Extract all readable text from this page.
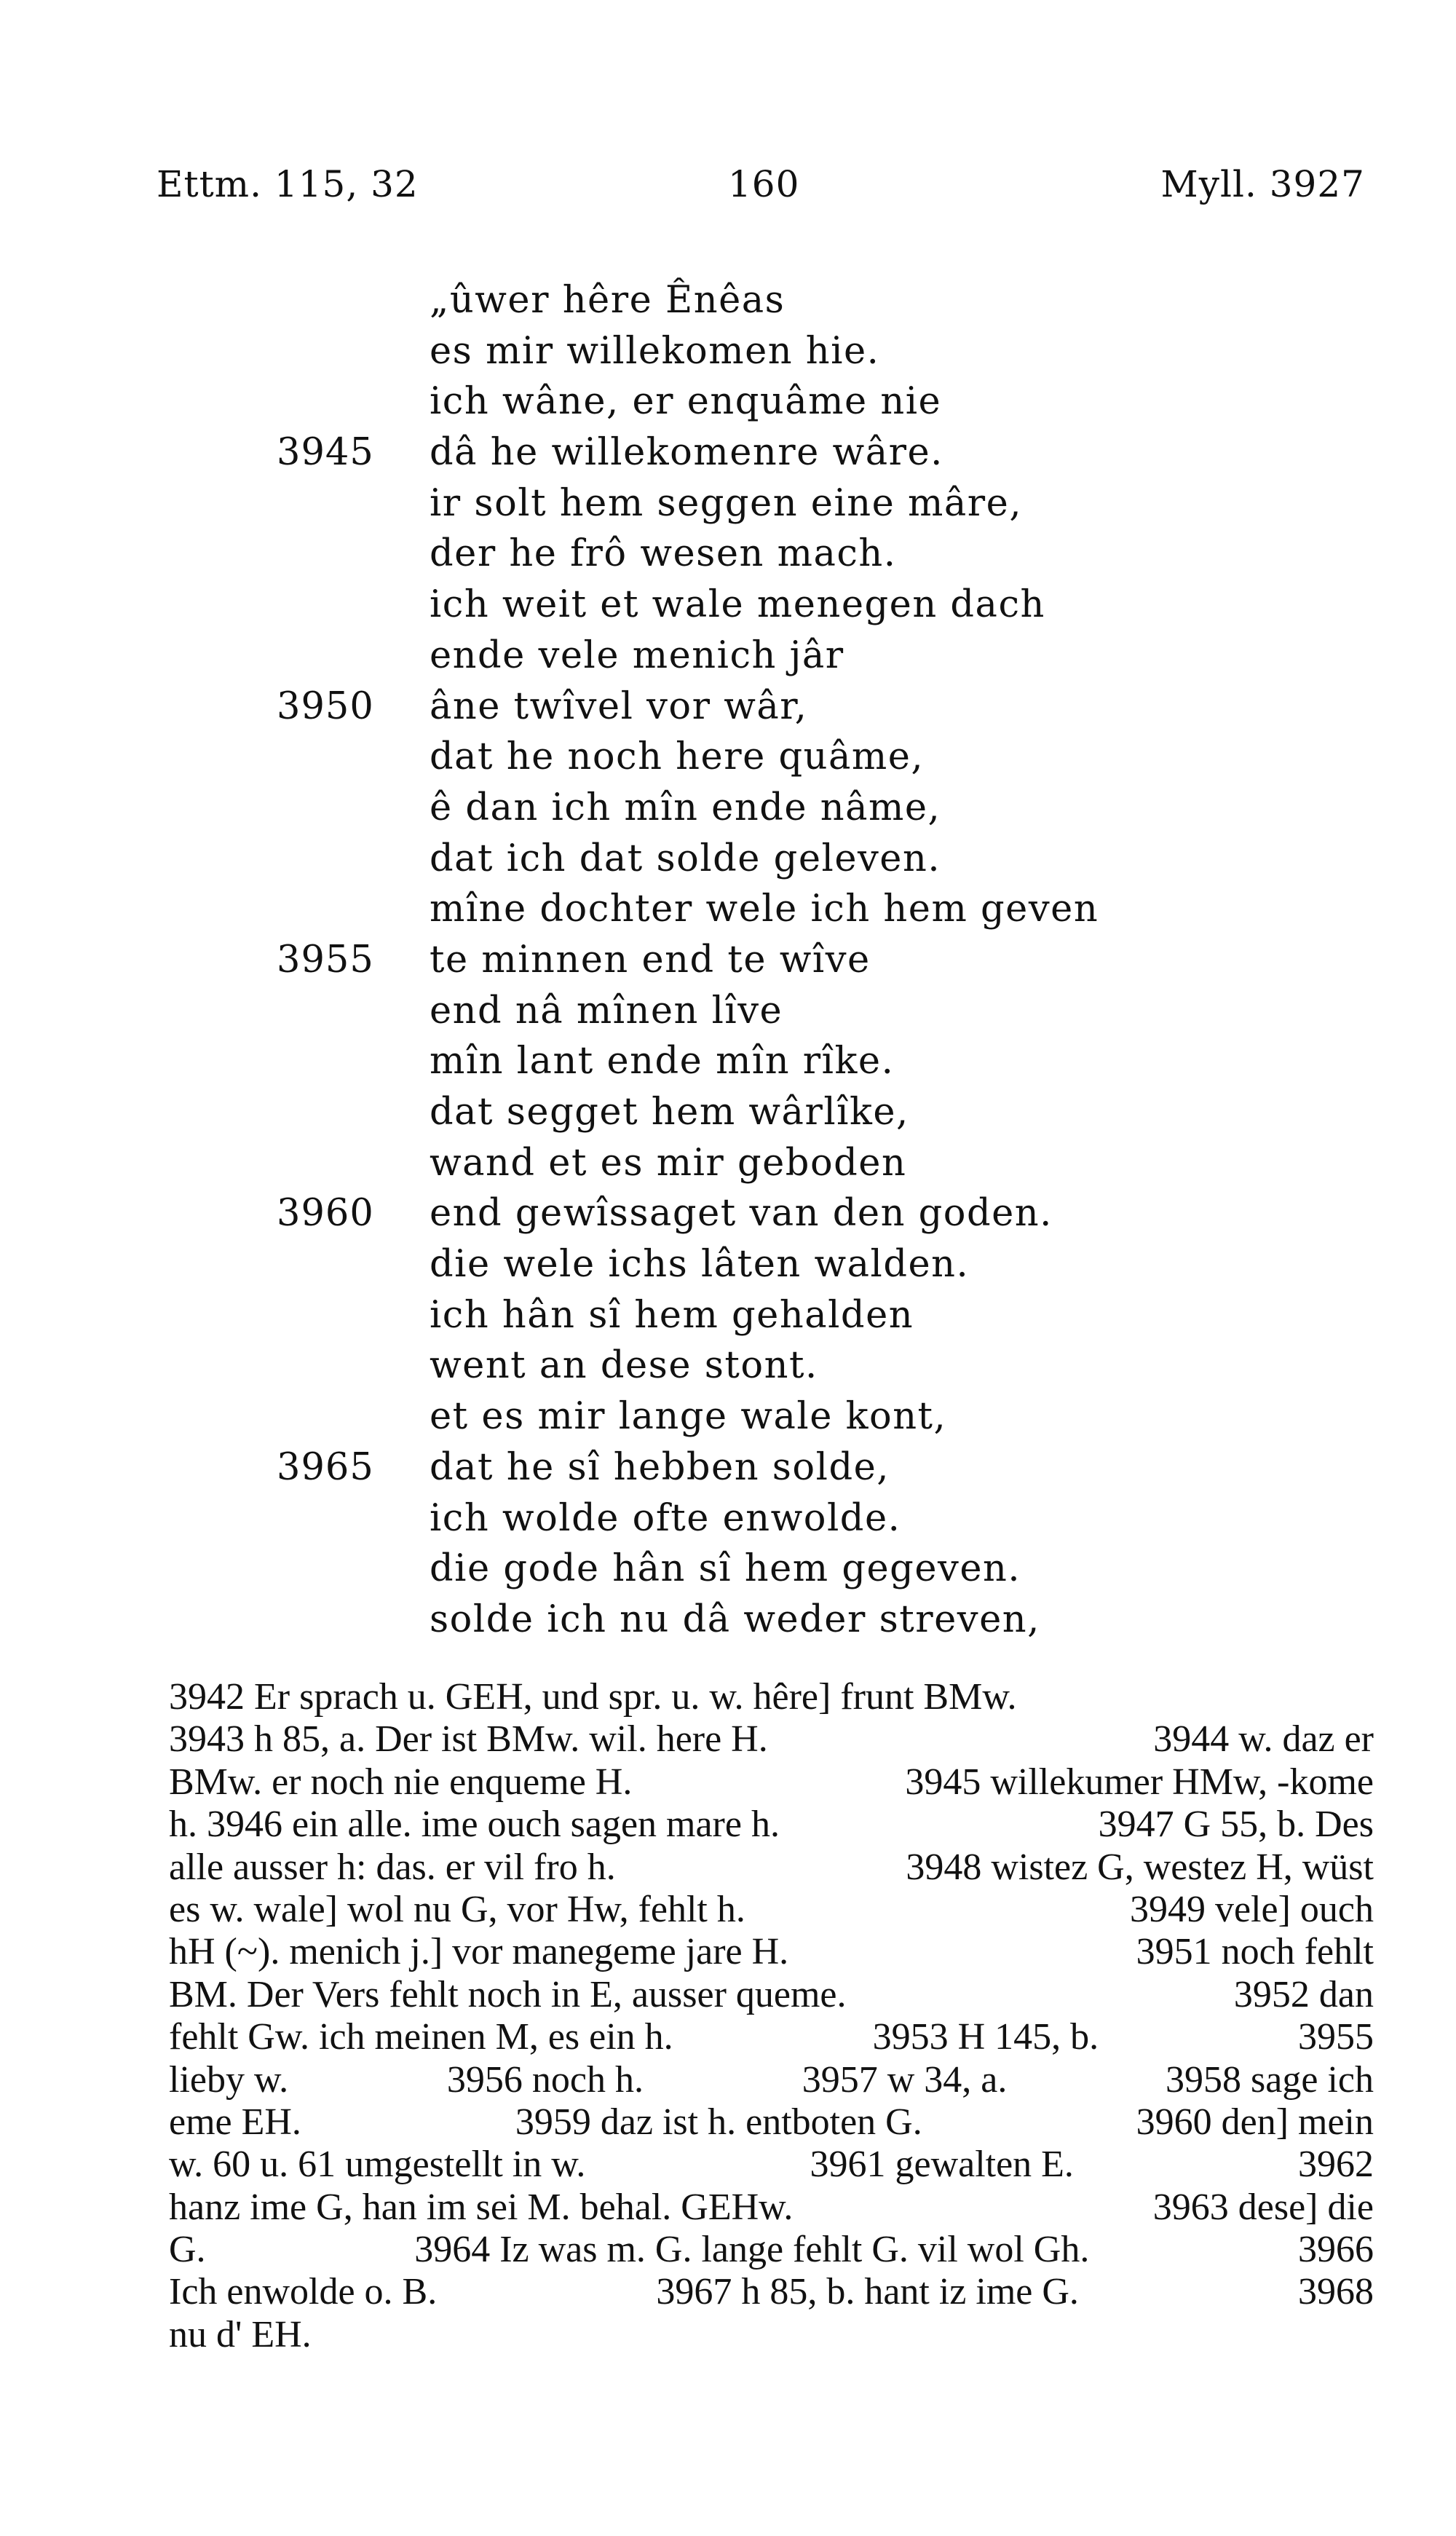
Ettm. 115, 32	160	Myll. 3927
„ûwer hêre Ênêas
es mir willekomen hie.
ich wâne, er enquâme nie
3945	dâ he willekomenre wâre.
ir solt hem seggen eine mâre,
der he frô wesen mach.
ich weit et wale menegen dach
ende vele menich jâr
3950	âne twîvel vor wâr,
dat he noch here quâme,
ê dan ich mîn ende nâme,
dat ich dat solde geleven.
mîne dochter wele ich hem geven
3955	te minnen end te wîve
end nâ mînen lîve
mîn lant ende mîn rîke.
dat segget hem wârlîke,
wand et es mir geboden
3960	end gewîssaget van den goden.
die wele ichs lâten walden.
ich hân sî hem gehalden
went an dese stont.
et es mir lange wale kont,
3965	dat he sî hebben solde,
ich wolde ofte enwolde.
die gode hân sî hem gegeven.
solde ich nu dâ weder streven,
3942 Er sprach u. GEH, und spr. u. w. hêre] frunt BMw.
3943 h 85, a. Der ist BMw. wil. here H.	3944 w. daz er
BMw. er noch nie enqueme H.	3945 willekumer HMw, -kome
h. 3946 ein alle. ime ouch sagen mare h.	3947 G 55, b. Des
alle ausser h: das. er vil fro h.	3948 wistez G, westez H, wüst
es w. wale] wol nu G, vor Hw, fehlt h.	3949 vele] ouch
hH (~). menich j.] vor manegeme jare H.	3951 noch fehlt
BM. Der Vers fehlt noch in E, ausser queme.	3952 dan
fehlt Gw. ich meinen M, es ein h.	3953 H 145, b.	3955
lieby w.	3956 noch h.	3957 w 34, a.	3958 sage ich
eme EH.	3959 daz ist h. entboten G.	3960 den] mein
w. 60 u. 61 umgestellt in w.	3961 gewalten E.	3962
hanz ime G, han im sei M. behal. GEHw.	3963 dese] die
G.	3964 Iz was m. G. lange fehlt G. vil wol Gh.	3966
Ich enwolde o. B.	3967 h 85, b. hant iz ime G.	3968
nu d' EH.
